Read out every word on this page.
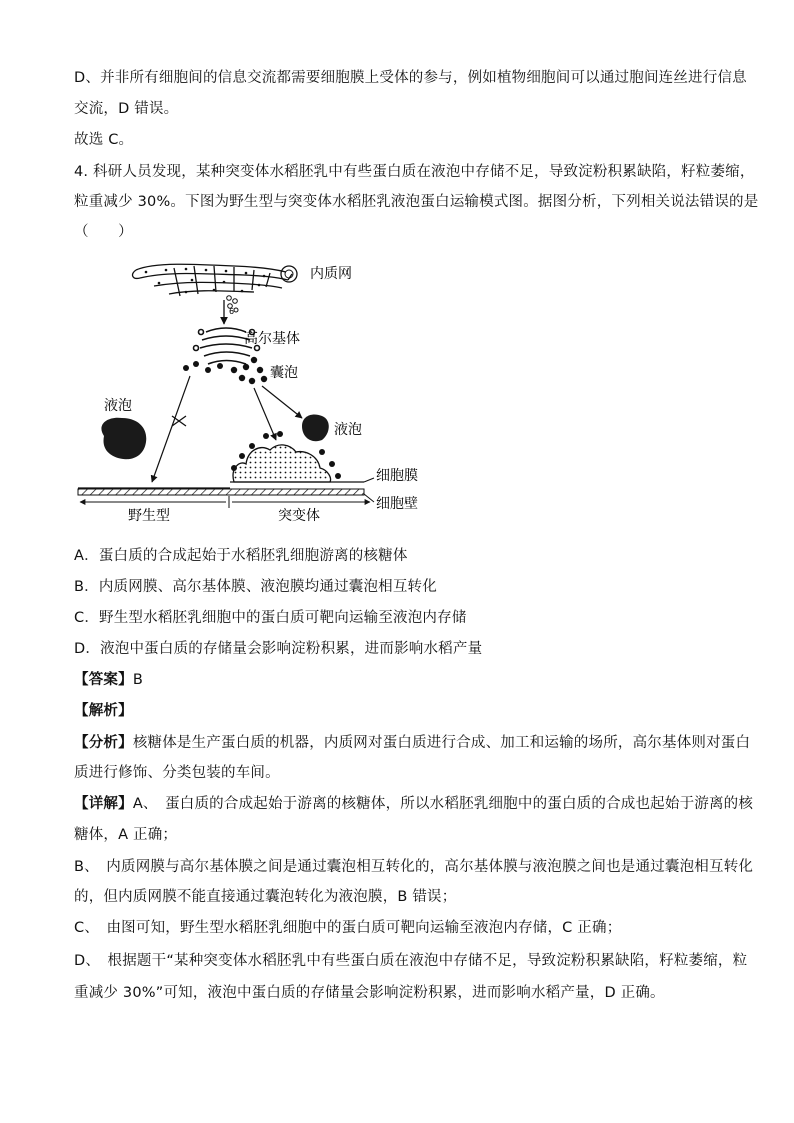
D、并非所有细胞间的信息交流都需要细胞膜上受体的参与，例如植物细胞间可以通过胞间连丝进行信息
交流，D 错误。
故选 C。
4. 科研人员发现，某种突变体水稻胚乳中有些蛋白质在液泡中存储不足，导致淀粉积累缺陷，籽粒萎缩，
粒重减少 30%。下图为野生型与突变体水稻胚乳液泡蛋白运输模式图。据图分析，下列相关说法错误的是
（　　）
内质网
6
高尔基体
囊泡
液泡
液泡
细胞膜
细胞壁
野生型	突变体
A．蛋白质的合成起始于水稻胚乳细胞游离的核糖体
B．内质网膜、高尔基体膜、液泡膜均通过囊泡相互转化
C．野生型水稻胚乳细胞中的蛋白质可靶向运输至液泡内存储
D．液泡中蛋白质的存储量会影响淀粉积累，进而影响水稻产量
【答案】B
【解析】
【分析】核糖体是生产蛋白质的机器，内质网对蛋白质进行合成、加工和运输的场所，高尔基体则对蛋白
质进行修饰、分类包装的车间。
【详解】A、　蛋白质的合成起始于游离的核糖体，所以水稻胚乳细胞中的蛋白质的合成也起始于游离的核
糖体，A 正确；
B、　内质网膜与高尔基体膜之间是通过囊泡相互转化的，高尔基体膜与液泡膜之间也是通过囊泡相互转化
的，但内质网膜不能直接通过囊泡转化为液泡膜，B 错误；
C、　由图可知，野生型水稻胚乳细胞中的蛋白质可靶向运输至液泡内存储，C 正确；
D、　根据题干“某种突变体水稻胚乳中有些蛋白质在液泡中存储不足，导致淀粉积累缺陷，籽粒萎缩，粒
重减少 30%”可知，液泡中蛋白质的存储量会影响淀粉积累，进而影响水稻产量，D 正确。
